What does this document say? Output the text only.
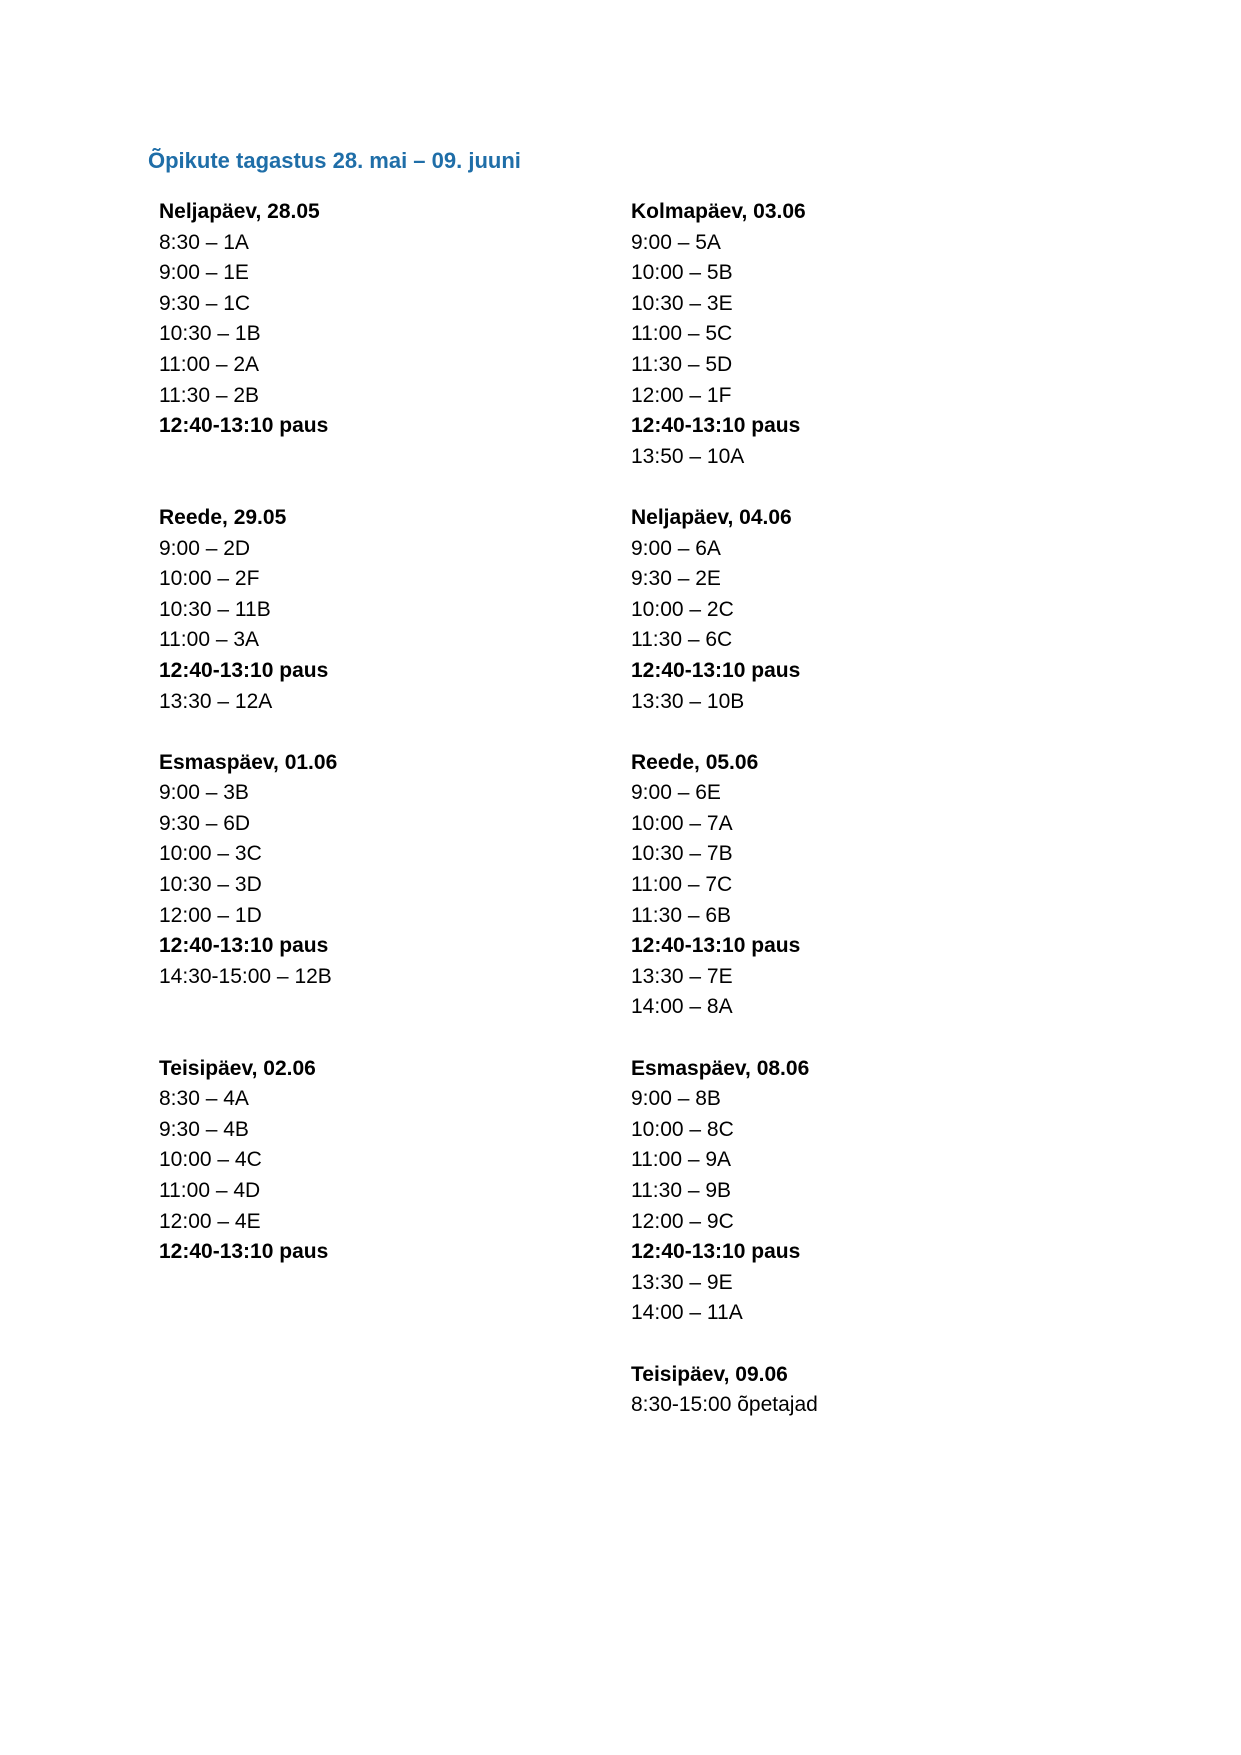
Õpikute tagastus 28. mai – 09. juuni
Neljapäev, 28.05
8:30 – 1A
9:00 – 1E
9:30 – 1C
10:30 – 1B
11:00 – 2A
11:30 – 2B
12:40-13:10 paus
Reede, 29.05
9:00 – 2D
10:00 – 2F
10:30 – 11B
11:00 – 3A
12:40-13:10 paus
13:30 – 12A
Esmaspäev, 01.06
9:00 – 3B
9:30 – 6D
10:00 – 3C
10:30 – 3D
12:00 – 1D
12:40-13:10 paus
14:30-15:00 – 12B
Teisipäev, 02.06
8:30 – 4A
9:30 – 4B
10:00 – 4C
11:00 – 4D
12:00 – 4E
12:40-13:10 paus
Kolmapäev, 03.06
9:00 – 5A
10:00 – 5B
10:30 – 3E
11:00 – 5C
11:30 – 5D
12:00 – 1F
12:40-13:10 paus
13:50 – 10A
Neljapäev, 04.06
9:00 – 6A
9:30 – 2E
10:00 – 2C
11:30 – 6C
12:40-13:10 paus
13:30 – 10B
Reede, 05.06
9:00 – 6E
10:00 – 7A
10:30 – 7B
11:00 – 7C
11:30 – 6B
12:40-13:10 paus
13:30 – 7E
14:00 – 8A
Esmaspäev, 08.06
9:00 – 8B
10:00 – 8C
11:00 – 9A
11:30 – 9B
12:00 – 9C
12:40-13:10 paus
13:30 – 9E
14:00 – 11A
Teisipäev, 09.06
8:30-15:00 õpetajad
